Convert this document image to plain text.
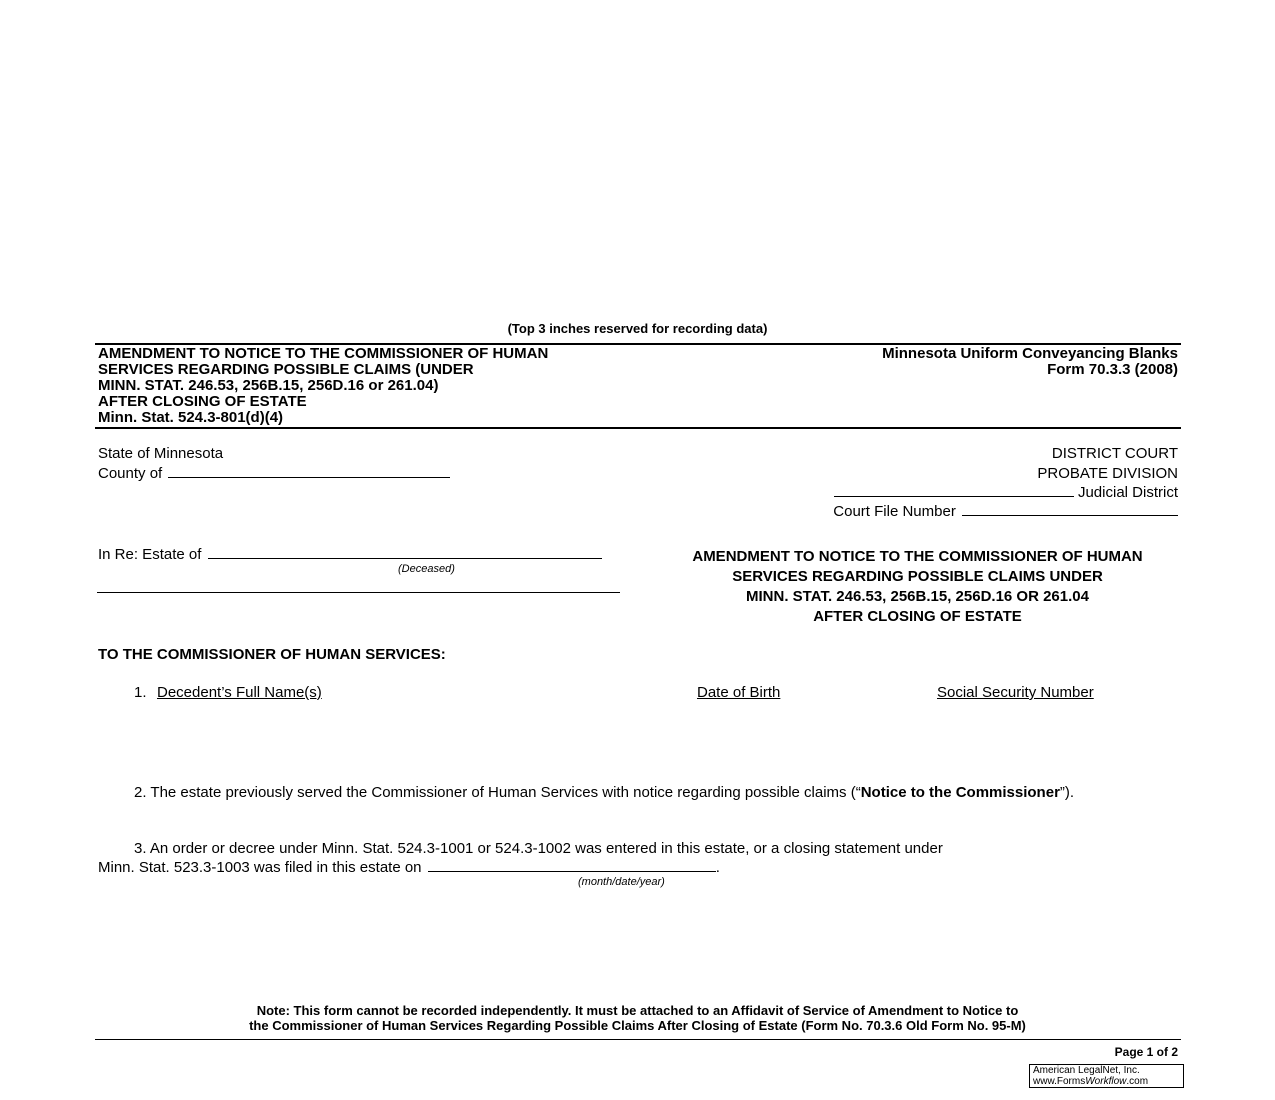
(Top 3 inches reserved for recording data)
AMENDMENT TO NOTICE TO THE COMMISSIONER OF HUMAN
SERVICES REGARDING POSSIBLE CLAIMS (UNDER
MINN. STAT. 246.53, 256B.15, 256D.16 or 261.04)
AFTER CLOSING OF ESTATE
Minn. Stat. 524.3-801(d)(4)
Minnesota Uniform Conveyancing Blanks
Form 70.3.3 (2008)
State of Minnesota
County of
DISTRICT COURT
PROBATE DIVISION
Judicial District
Court File Number
In Re: Estate of
(Deceased)
AMENDMENT TO NOTICE TO THE COMMISSIONER OF HUMAN
SERVICES REGARDING POSSIBLE CLAIMS UNDER
MINN. STAT. 246.53, 256B.15, 256D.16 OR 261.04
AFTER CLOSING OF ESTATE
TO THE COMMISSIONER OF HUMAN SERVICES:
1. Decedent’s Full Name(s)	Date of Birth	Social Security Number
2. The estate previously served the Commissioner of Human Services with notice regarding possible claims (“Notice to the Commissioner”).
3. An order or decree under Minn. Stat. 524.3-1001 or 524.3-1002 was entered in this estate, or a closing statement under
Minn. Stat. 523.3-1003 was filed in this estate on	.
(month/date/year)
Note: This form cannot be recorded independently. It must be attached to an Affidavit of Service of Amendment to Notice to
the Commissioner of Human Services Regarding Possible Claims After Closing of Estate (Form No. 70.3.6 Old Form No. 95-M)
Page 1 of 2
American LegalNet, Inc.
www.FormsWorkflow.com
